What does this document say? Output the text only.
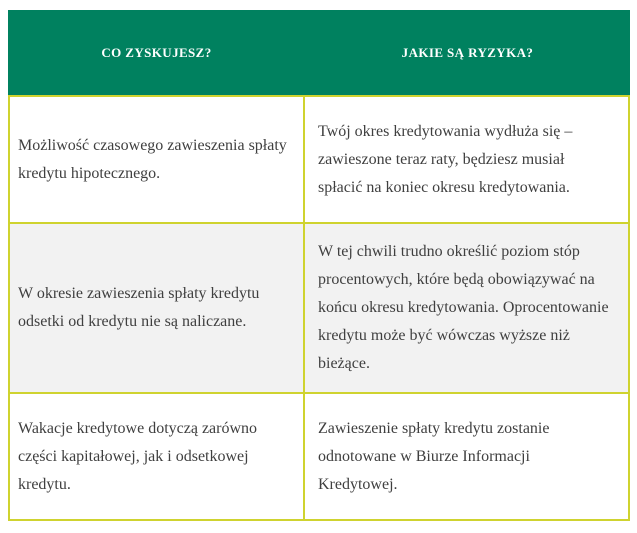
CO ZYSKUJESZ?	JAKIE SĄ RYZYKA?

Możliwość czasowego zawieszenia spłaty kredytu hipotecznego.

Twój okres kredytowania wydłuża się – zawieszone teraz raty, będziesz musiał spłacić na koniec okresu kredytowania.

W okresie zawieszenia spłaty kredytu odsetki od kredytu nie są naliczane.

W tej chwili trudno określić poziom stóp procentowych, które będą obowiązywać na końcu okresu kredytowania. Oprocentowanie kredytu może być wówczas wyższe niż bieżące.

Wakacje kredytowe dotyczą zarówno części kapitałowej, jak i odsetkowej kredytu.

Zawieszenie spłaty kredytu zostanie odnotowane w Biurze Informacji Kredytowej.
